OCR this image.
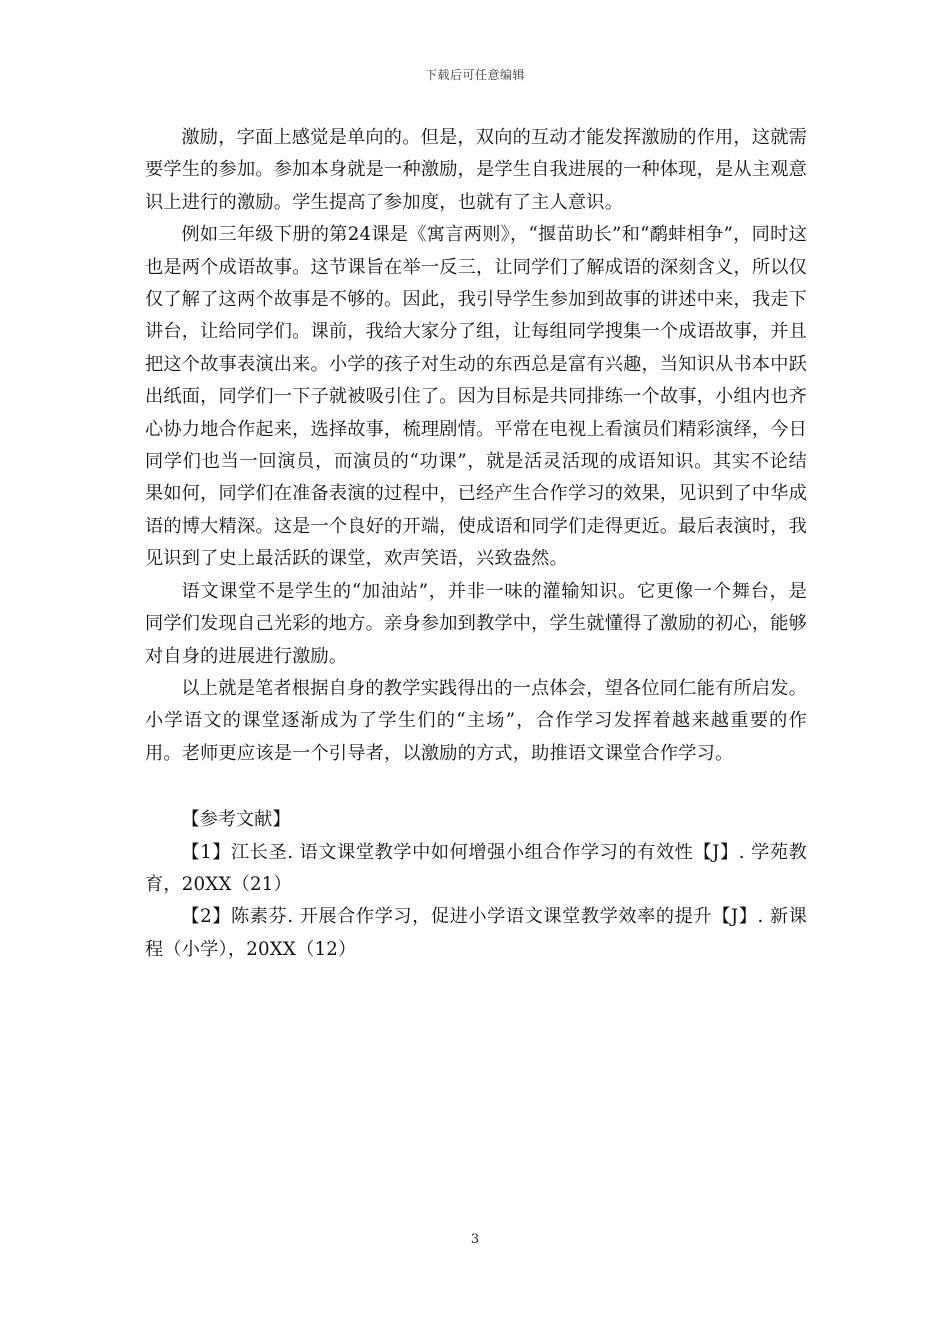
下载后可任意编辑

激励，字面上感觉是单向的。但是，双向的互动才能发挥激励的作用，这就需要学生的参加。参加本身就是一种激励，是学生自我进展的一种体现，是从主观意识上进行的激励。学生提高了参加度，也就有了主人意识。

例如三年级下册的第24课是《寓言两则》，“揠苗助长”和“鹬蚌相争”，同时这也是两个成语故事。这节课旨在举一反三，让同学们了解成语的深刻含义，所以仅仅了解了这两个故事是不够的。因此，我引导学生参加到故事的讲述中来，我走下讲台，让给同学们。课前，我给大家分了组，让每组同学搜集一个成语故事，并且把这个故事表演出来。小学的孩子对生动的东西总是富有兴趣，当知识从书本中跃出纸面，同学们一下子就被吸引住了。因为目标是共同排练一个故事，小组内也齐心协力地合作起来，选择故事，梳理剧情。平常在电视上看演员们精彩演绎，今日同学们也当一回演员，而演员的“功课”，就是活灵活现的成语知识。其实不论结果如何，同学们在准备表演的过程中，已经产生合作学习的效果，见识到了中华成语的博大精深。这是一个良好的开端，使成语和同学们走得更近。最后表演时，我见识到了史上最活跃的课堂，欢声笑语，兴致盎然。

语文课堂不是学生的“加油站”，并非一味的灌输知识。它更像一个舞台，是同学们发现自己光彩的地方。亲身参加到教学中，学生就懂得了激励的初心，能够对自身的进展进行激励。

以上就是笔者根据自身的教学实践得出的一点体会，望各位同仁能有所启发。小学语文的课堂逐渐成为了学生们的“主场”，合作学习发挥着越来越重要的作用。老师更应该是一个引导者，以激励的方式，助推语文课堂合作学习。

【参考文献】

【1】江长圣. 语文课堂教学中如何增强小组合作学习的有效性【J】. 学苑教育，20XX（21）

【2】陈素芬. 开展合作学习，促进小学语文课堂教学效率的提升【J】. 新课程（小学），20XX（12）

3
